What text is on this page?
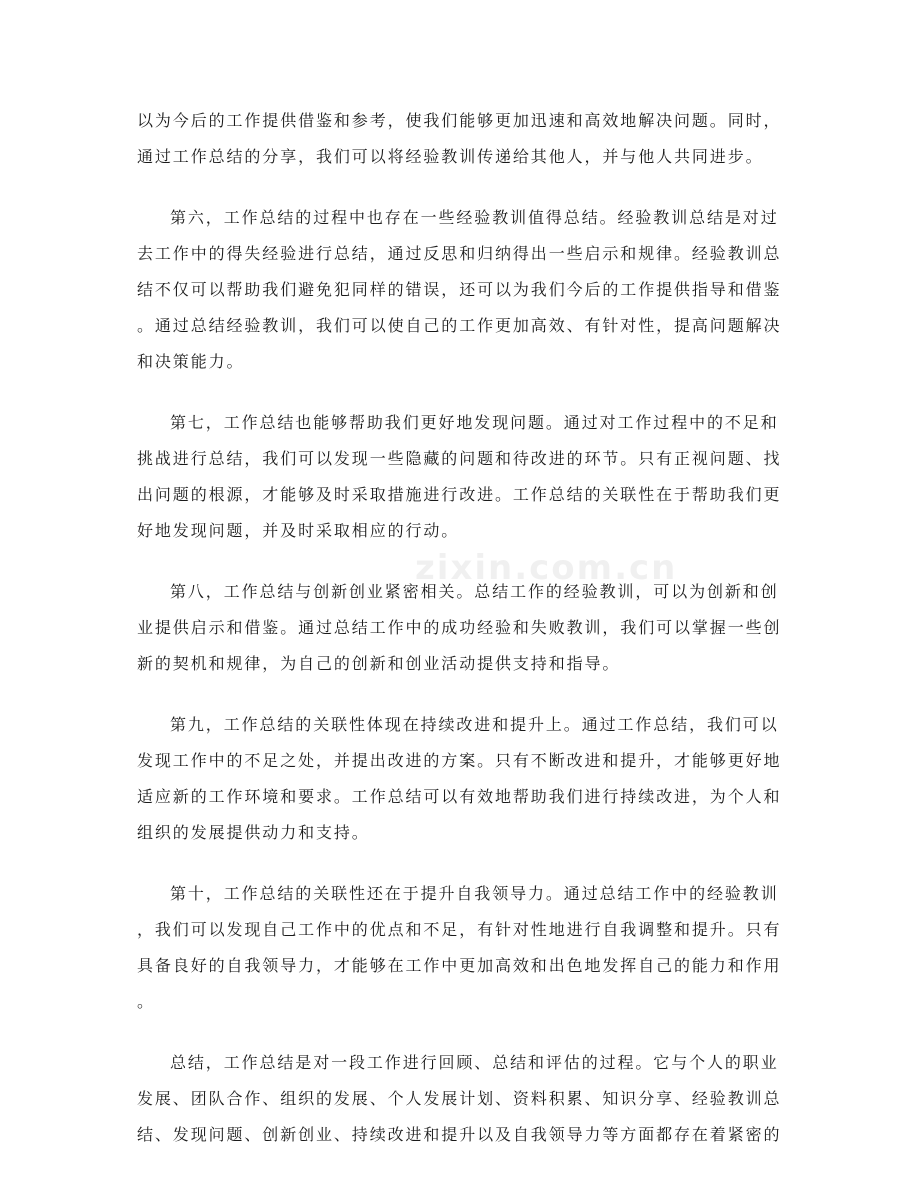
zixin.com.cn
以为今后的工作提供借鉴和参考，使我们能够更加迅速和高效地解决问题。同时，
通过工作总结的分享，我们可以将经验教训传递给其他人，并与他人共同进步。
第六，工作总结的过程中也存在一些经验教训值得总结。经验教训总结是对过
去工作中的得失经验进行总结，通过反思和归纳得出一些启示和规律。经验教训总
结不仅可以帮助我们避免犯同样的错误，还可以为我们今后的工作提供指导和借鉴
。通过总结经验教训，我们可以使自己的工作更加高效、有针对性，提高问题解决
和决策能力。
第七，工作总结也能够帮助我们更好地发现问题。通过对工作过程中的不足和
挑战进行总结，我们可以发现一些隐藏的问题和待改进的环节。只有正视问题、找
出问题的根源，才能够及时采取措施进行改进。工作总结的关联性在于帮助我们更
好地发现问题，并及时采取相应的行动。
第八，工作总结与创新创业紧密相关。总结工作的经验教训，可以为创新和创
业提供启示和借鉴。通过总结工作中的成功经验和失败教训，我们可以掌握一些创
新的契机和规律，为自己的创新和创业活动提供支持和指导。
第九，工作总结的关联性体现在持续改进和提升上。通过工作总结，我们可以
发现工作中的不足之处，并提出改进的方案。只有不断改进和提升，才能够更好地
适应新的工作环境和要求。工作总结可以有效地帮助我们进行持续改进，为个人和
组织的发展提供动力和支持。
第十，工作总结的关联性还在于提升自我领导力。通过总结工作中的经验教训
，我们可以发现自己工作中的优点和不足，有针对性地进行自我调整和提升。只有
具备良好的自我领导力，才能够在工作中更加高效和出色地发挥自己的能力和作用
。
总结，工作总结是对一段工作进行回顾、总结和评估的过程。它与个人的职业
发展、团队合作、组织的发展、个人发展计划、资料积累、知识分享、经验教训总
结、发现问题、创新创业、持续改进和提升以及自我领导力等方面都存在着紧密的
